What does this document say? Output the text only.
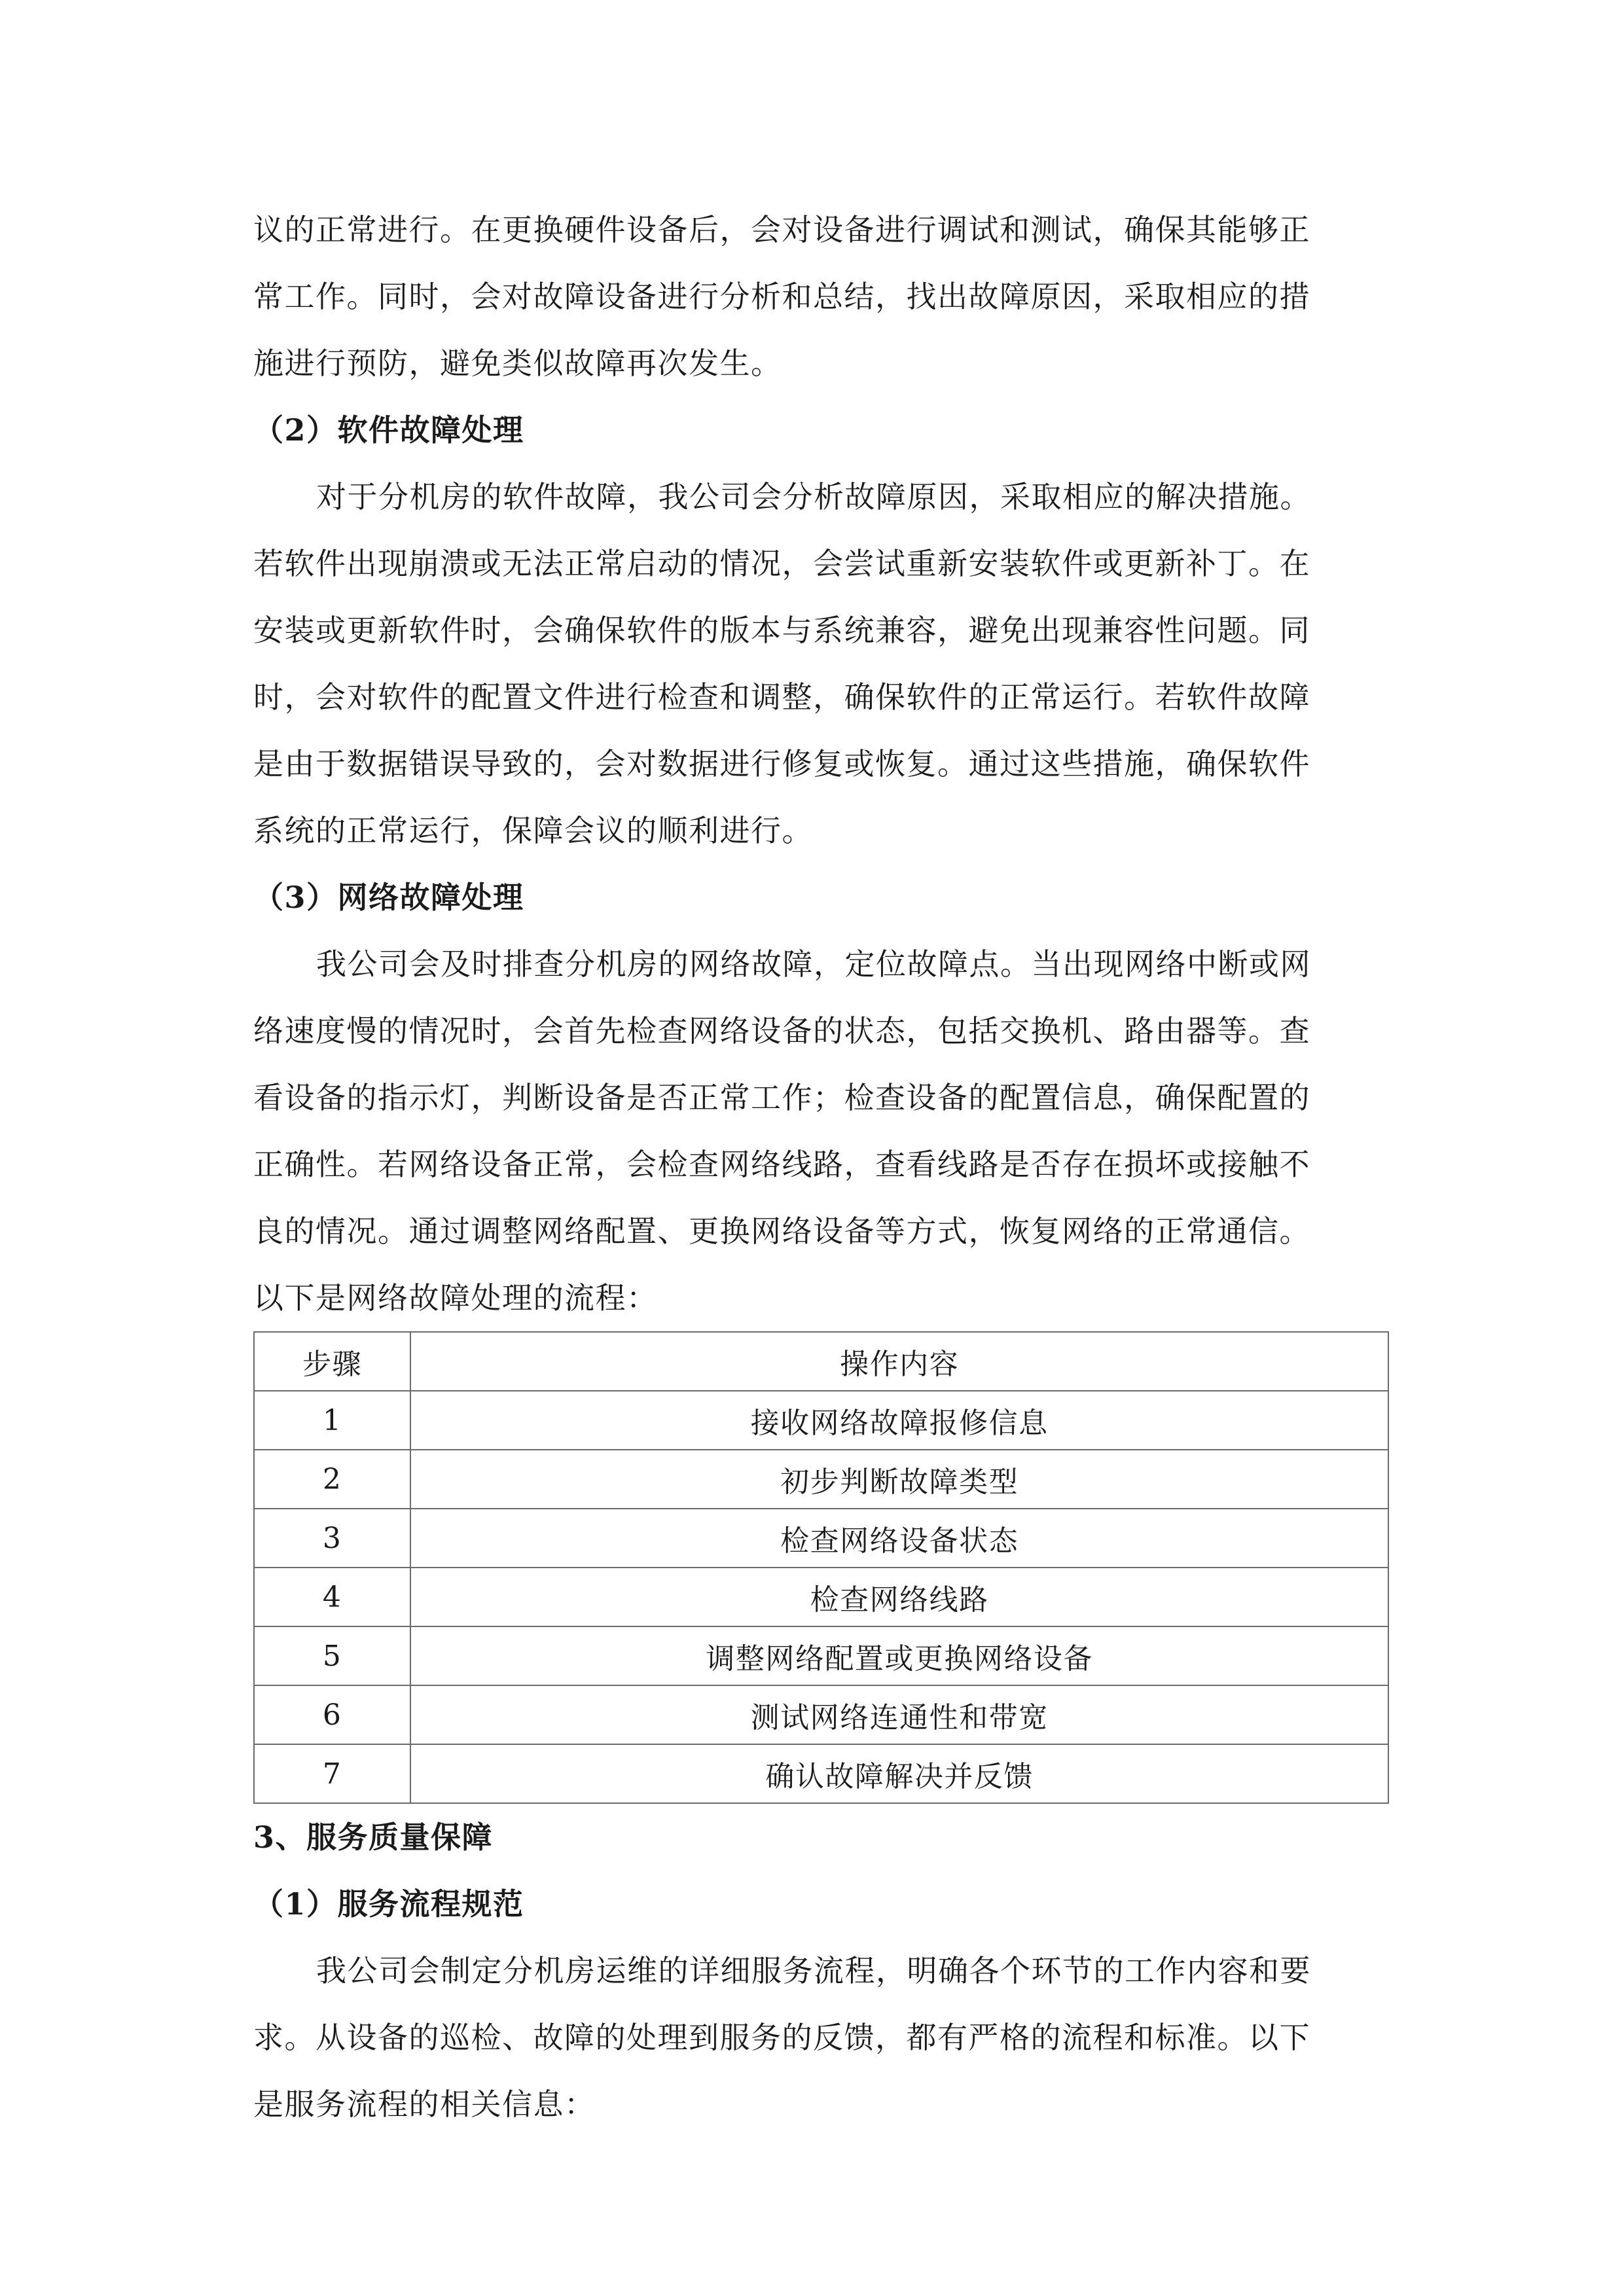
议的正常进行。在更换硬件设备后，会对设备进行调试和测试，确保其能够正
常工作。同时，会对故障设备进行分析和总结，找出故障原因，采取相应的措
施进行预防，避免类似故障再次发生。

（2）软件故障处理

对于分机房的软件故障，我公司会分析故障原因，采取相应的解决措施。
若软件出现崩溃或无法正常启动的情况，会尝试重新安装软件或更新补丁。在
安装或更新软件时，会确保软件的版本与系统兼容，避免出现兼容性问题。同
时，会对软件的配置文件进行检查和调整，确保软件的正常运行。若软件故障
是由于数据错误导致的，会对数据进行修复或恢复。通过这些措施，确保软件
系统的正常运行，保障会议的顺利进行。

（3）网络故障处理

我公司会及时排查分机房的网络故障，定位故障点。当出现网络中断或网
络速度慢的情况时，会首先检查网络设备的状态，包括交换机、路由器等。查
看设备的指示灯，判断设备是否正常工作；检查设备的配置信息，确保配置的
正确性。若网络设备正常，会检查网络线路，查看线路是否存在损坏或接触不
良的情况。通过调整网络配置、更换网络设备等方式，恢复网络的正常通信。
以下是网络故障处理的流程：

步骤	操作内容
1	接收网络故障报修信息
2	初步判断故障类型
3	检查网络设备状态
4	检查网络线路
5	调整网络配置或更换网络设备
6	测试网络连通性和带宽
7	确认故障解决并反馈
3、服务质量保障
（1）服务流程规范

我公司会制定分机房运维的详细服务流程，明确各个环节的工作内容和要
求。从设备的巡检、故障的处理到服务的反馈，都有严格的流程和标准。以下
是服务流程的相关信息：
